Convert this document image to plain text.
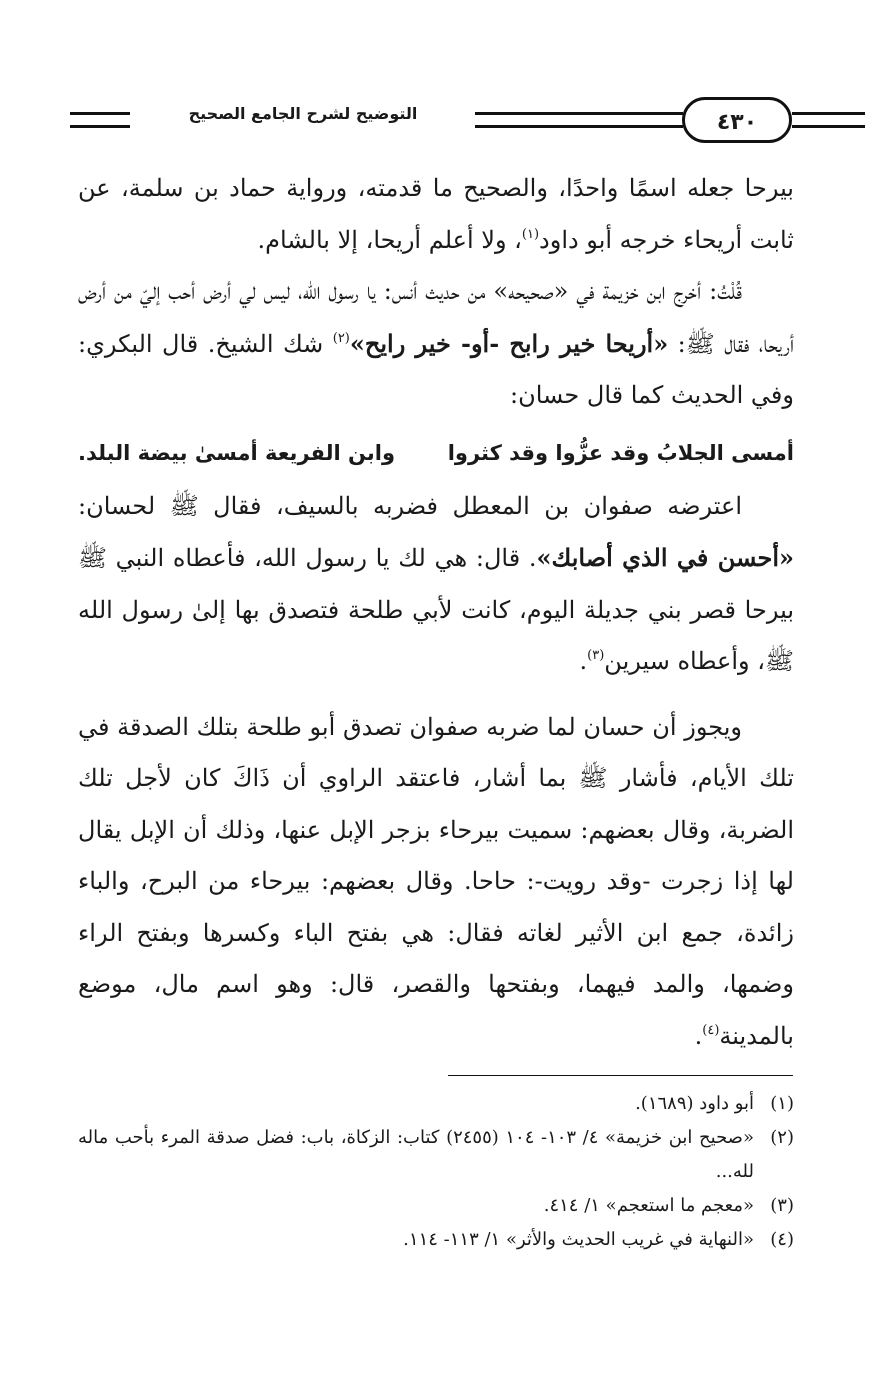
التوضيح لشرح الجامع الصحيح	٤٣٠

بيرحا جعله اسمًا واحدًا، والصحيح ما قدمته، ورواية حماد بن سلمة، عن ثابت أريحاء خرجه أبو داود$^{(١)}$، ولا أعلم أريحا، إلا بالشام.

قُلْتُ: أخرج ابن خزيمة في «صحيحه» من حديث أنس: يا رسول الله، ليس لي أرض أحب إليّ من أرض أريحا، فقال ﷺ: «أريحا خير رابح -أو- خير رايح»$^{(٢)}$ شك الشيخ. قال البكري: وفي الحديث كما قال حسان:

أمسى الجلابُ وقد عزُّوا وقد كثروا
وابن الفريعة أمسىٰ بيضة البلد.

اعترضه صفوان بن المعطل فضربه بالسيف، فقال ﷺ لحسان: «أحسن في الذي أصابك». قال: هي لك يا رسول الله، فأعطاه النبي ﷺ بيرحا قصر بني جديلة اليوم، كانت لأبي طلحة فتصدق بها إلىٰ رسول الله ﷺ، وأعطاه سيرين$^{(٣)}$.

ويجوز أن حسان لما ضربه صفوان تصدق أبو طلحة بتلك الصدقة في تلك الأيام، فأشار ﷺ بما أشار، فاعتقد الراوي أن ذَاكَ كان لأجل تلك الضربة، وقال بعضهم: سميت بيرحاء بزجر الإبل عنها، وذلك أن الإبل يقال لها إذا زجرت -وقد رويت-: حاحا. وقال بعضهم: بيرحاء من البرح، والباء زائدة، جمع ابن الأثير لغاته فقال: هي بفتح الباء وكسرها وبفتح الراء وضمها، والمد فيهما، وبفتحها والقصر، قال: وهو اسم مال، موضع بالمدينة$^{(٤)}$.

(١)
أبو داود (١٦٨٩).
(٢)
«صحيح ابن خزيمة» ٤/ ١٠٣- ١٠٤ (٢٤٥٥) كتاب: الزكاة، باب: فضل صدقة المرء بأحب ماله لله...
(٣)
«معجم ما استعجم» ١/ ٤١٤.
(٤)
«النهاية في غريب الحديث والأثر» ١/ ١١٣- ١١٤.
